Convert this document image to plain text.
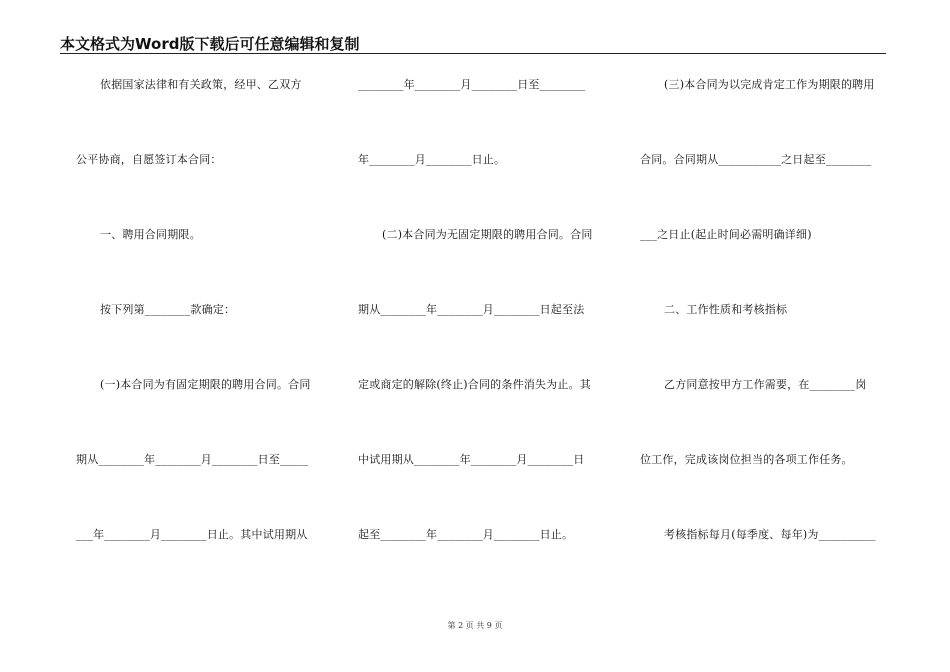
本文格式为Word版下载后可任意编辑和复制
依据国家法律和有关政策，经甲、乙双方
公平协商，自愿签订本合同：
一、聘用合同期限。
按下列第________款确定：
(一)本合同为有固定期限的聘用合同。合同
期从________年________月________日至_____
___年________月________日止。其中试用期从
________年________月________日至________
年________月________日止。
(二)本合同为无固定期限的聘用合同。合同
期从________年________月________日起至法
定或商定的解除(终止)合同的条件消失为止。其
中试用期从________年________月________日
起至________年________月________日止。
(三)本合同为以完成肯定工作为期限的聘用
合同。合同期从___________之日起至________
___之日止(起止时间必需明确详细)
二、工作性质和考核指标
乙方同意按甲方工作需要，在________岗
位工作，完成该岗位担当的各项工作任务。
考核指标每月(每季度、每年)为__________
第 2 页 共 9 页
